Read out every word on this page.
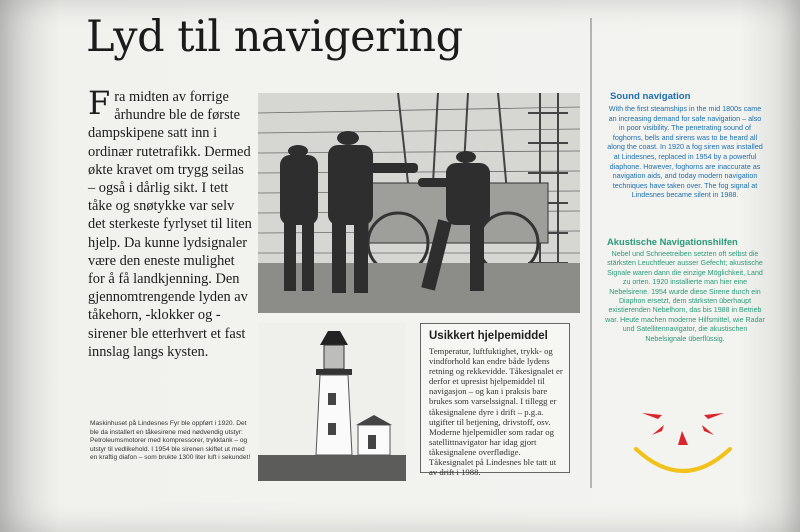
Lyd til navigering
Fra midten av forrige århundre ble de første dampskipene satt inn i ordinær rutetrafikk. Dermed økte kravet om trygg seilas – også i dårlig sikt. I tett tåke og snøtykke var selv det sterkeste fyrlyset til liten hjelp. Da kunne lydsignaler være den eneste mulighet for å få landkjenning. Den gjennomtrengende lyden av tåkehorn, -klokker og -sirener ble etterhvert et fast innslag langs kysten.
Usikkert hjelpemiddel
Temperatur, luftfuktighet, trykk- og vindforhold kan endre både lydens retning og rekkevidde. Tåkesignalet er derfor et upresist hjelpemiddel til navigasjon – og kan i praksis bare brukes som varselssignal. I tillegg er tåkesignalene dyre i drift – p.g.a. utgifter til betjening, drivstoff, osv. Moderne hjelpemidler som radar og satellittnavigator har idag gjort tåkesignalene overflødige. Tåkesignalet på Lindesnes ble tatt ut av drift i 1988.
Maskinhuset på Lindesnes Fyr ble oppført i 1920. Det ble da installert en tåkesirene med nødvendig utstyr: Petroleumsmotorer med kompressorer, trykktank – og utstyr til vedlikehold. I 1954 ble sirenen skiftet ut med en kraftig diafon – som brukte 1300 liter luft i sekundet!
Sound navigation
With the first steamships in the mid 1800s came an increasing demand for safe navigation – also in poor visibility. The penetrating sound of foghorns, bells and sirens was to be heard all along the coast. In 1920 a fog siren was installed at Lindesnes, replaced in 1954 by a powerful diaphone. However, foghorns are inaccurate as navigation aids, and today modern navigation techniques have taken over. The fog signal at Lindesnes became silent in 1988.
Akustische Navigationshilfen
Nebel und Schneetreiben setzten oft selbst die stärksten Leuchtfeuer ausser Gefecht; akustische Signale waren dann die einzige Möglichkeit, Land zu orten. 1920 installierte man hier eine Nebelsirene. 1954 wurde diese Sirene durch ein Diaphon ersetzt, dem stärksten überhaupt existierenden Nebelhorn, das bis 1988 in Betrieb war. Heute machen moderne Hilfsmittel, wie Radar und Satellitennavigator, die akustischen Nebelsignale überflüssig.
